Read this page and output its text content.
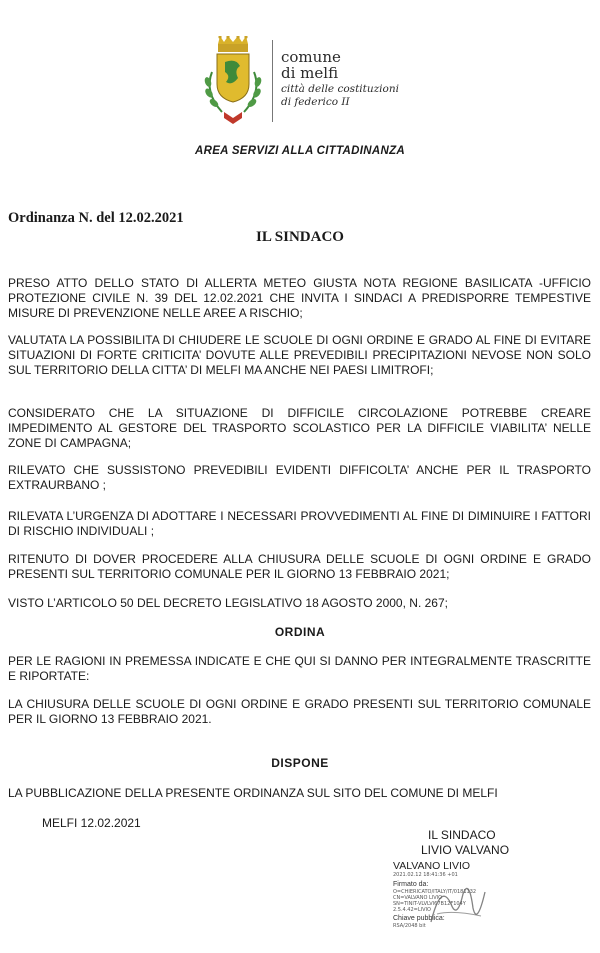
comune
di melfi
città delle costituzioni
di federico II
AREA SERVIZI ALLA CITTADINANZA
Ordinanza N. del 12.02.2021
IL SINDACO
PRESO ATTO DELLO STATO DI ALLERTA METEO GIUSTA NOTA REGIONE BASILICATA -UFFICIO PROTEZIONE CIVILE N. 39 DEL 12.02.2021 CHE INVITA I SINDACI A PREDISPORRE TEMPESTIVE MISURE DI PREVENZIONE NELLE AREE A RISCHIO;
VALUTATA LA POSSIBILITA DI CHIUDERE LE SCUOLE DI OGNI ORDINE E GRADO AL FINE DI EVITARE SITUAZIONI DI FORTE CRITICITA’ DOVUTE ALLE PREVEDIBILI PRECIPITAZIONI NEVOSE NON SOLO SUL TERRITORIO DELLA CITTA’ DI MELFI MA ANCHE NEI PAESI LIMITROFI;
CONSIDERATO CHE LA SITUAZIONE DI DIFFICILE CIRCOLAZIONE POTREBBE CREARE IMPEDIMENTO AL GESTORE DEL TRASPORTO SCOLASTICO PER LA DIFFICILE VIABILITA’ NELLE ZONE DI CAMPAGNA;
RILEVATO CHE SUSSISTONO PREVEDIBILI EVIDENTI DIFFICOLTA’ ANCHE PER IL TRASPORTO EXTRAURBANO ;
RILEVATA L’URGENZA DI ADOTTARE I NECESSARI PROVVEDIMENTI AL FINE DI DIMINUIRE I FATTORI DI RISCHIO INDIVIDUALI ;
RITENUTO DI DOVER PROCEDERE ALLA CHIUSURA DELLE SCUOLE DI OGNI ORDINE E GRADO PRESENTI SUL TERRITORIO COMUNALE PER IL GIORNO 13 FEBBRAIO 2021;
VISTO L’ARTICOLO 50 DEL DECRETO LEGISLATIVO 18 AGOSTO 2000, N. 267;
ORDINA
PER LE RAGIONI IN PREMESSA INDICATE E CHE QUI SI DANNO PER INTEGRALMENTE TRASCRITTE E RIPORTATE:
LA CHIUSURA DELLE SCUOLE DI OGNI ORDINE E GRADO PRESENTI SUL TERRITORIO COMUNALE PER IL GIORNO 13 FEBBRAIO 2021.
DISPONE
LA PUBBLICAZIONE DELLA PRESENTE ORDINANZA SUL SITO DEL COMUNE DI MELFI
MELFI 12.02.2021
IL SINDACO
LIVIO VALVANO
VALVANO LIVIO
2021.02.12 18:41:36 +01
Firmato da:
O=CHIERICATO/ITALY/IT/0181132
CN=VALVANO LIVIO
SN=TINIT-VLVLVI67B12F104Y
2.5.4.42=LIVIO
Chiave pubblica:
RSA/2048 bit
